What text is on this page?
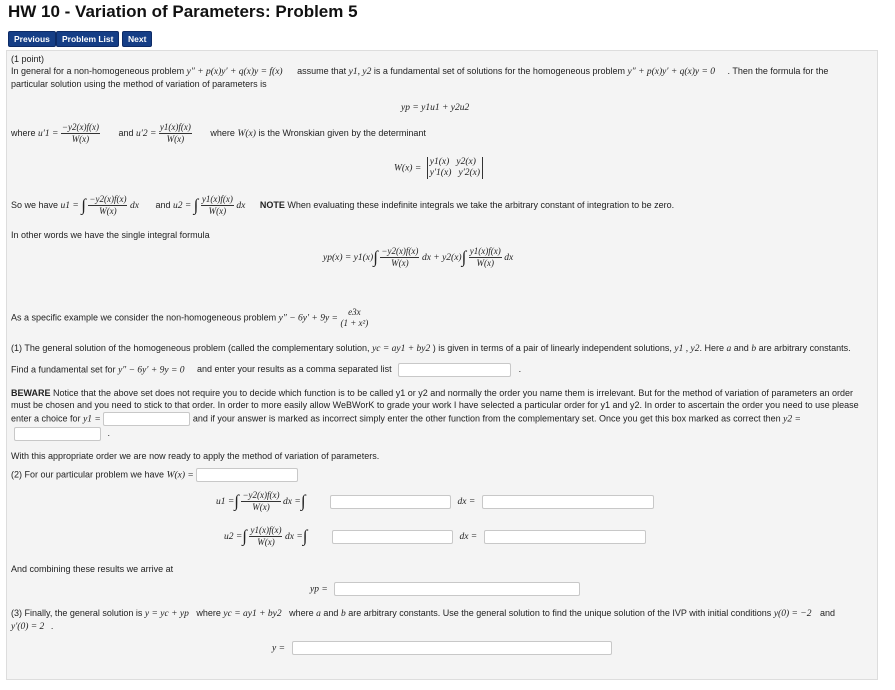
HW 10 - Variation of Parameters: Problem 5
Previous	Problem List	Next
(1 point)
In general for a non-homogeneous problem y″ + p(x)y′ + q(x)y = f(x) assume that y1, y2 is a fundamental set of solutions for the homogeneous problem y″ + p(x)y′ + q(x)y = 0 . Then the formula for the
particular solution using the method of variation of parameters is
yp = y1u1 + y2u2
where $u'1 = \frac{-y2(x)f(x)}{W(x)}$ and $u'2 = \frac{y1(x)f(x)}{W(x)}$ where W(x) is the Wronskian given by the determinant
W(x) =
y1(x)   y2(x)
y′1(x)   y′2(x)
So we have u1 = ∫ $\frac{-y2(x)f(x)}{W(x)}$ dx and u2 = ∫ $\frac{y1(x)f(x)}{W(x)}$ dx NOTE When evaluating these indefinite integrals we take the arbitrary constant of integration to be zero.
In other words we have the single integral formula
$yp(x) = y1(x)\int \frac{-y2(x)f(x)}{W(x)}$ dx + $y2(x)\int \frac{y1(x)f(x)}{W(x)}$ dx
As a specific example we consider the non-homogeneous problem y″ − 6y′ + 9y =
e3x
(1 + x²)
(1) The general solution of the homogeneous problem (called the complementary solution, yc = ay1 + by2 ) is given in terms of a pair of linearly independent solutions, y1 , y2. Here a and b are arbitrary constants.
Find a fundamental set for y″ − 6y′ + 9y = 0 and enter your results as a comma separated list	.
BEWARE Notice that the above set does not require you to decide which function is to be called y1 or y2 and normally the order you name them is irrelevant. But for the method of variation of parameters an order
must be chosen and you need to stick to that order. In order to more easily allow WeBWorK to grade your work I have selected a particular order for y1 and y2. In order to ascertain the order you need to use please
enter a choice for y1 =	and if your answer is marked as incorrect simply enter the other function from the complementary set. Once you get this box marked as correct then y2 =
.
With this appropriate order we are now ready to apply the method of variation of parameters.
(2) For our particular problem we have W(x) =
u1 =∫ $\frac{-y2(x)f(x)}{W(x)}$ dx =∫	dx =
u2 =∫ $\frac{y1(x)f(x)}{W(x)}$ dx =∫	dx =
And combining these results we arrive at
yp =
(3) Finally, the general solution is y = yc + yp where yc = ay1 + by2 where a and b are arbitrary constants. Use the general solution to find the unique solution of the IVP with initial conditions y(0) = −2 and
y′(0) = 2 .
y =
